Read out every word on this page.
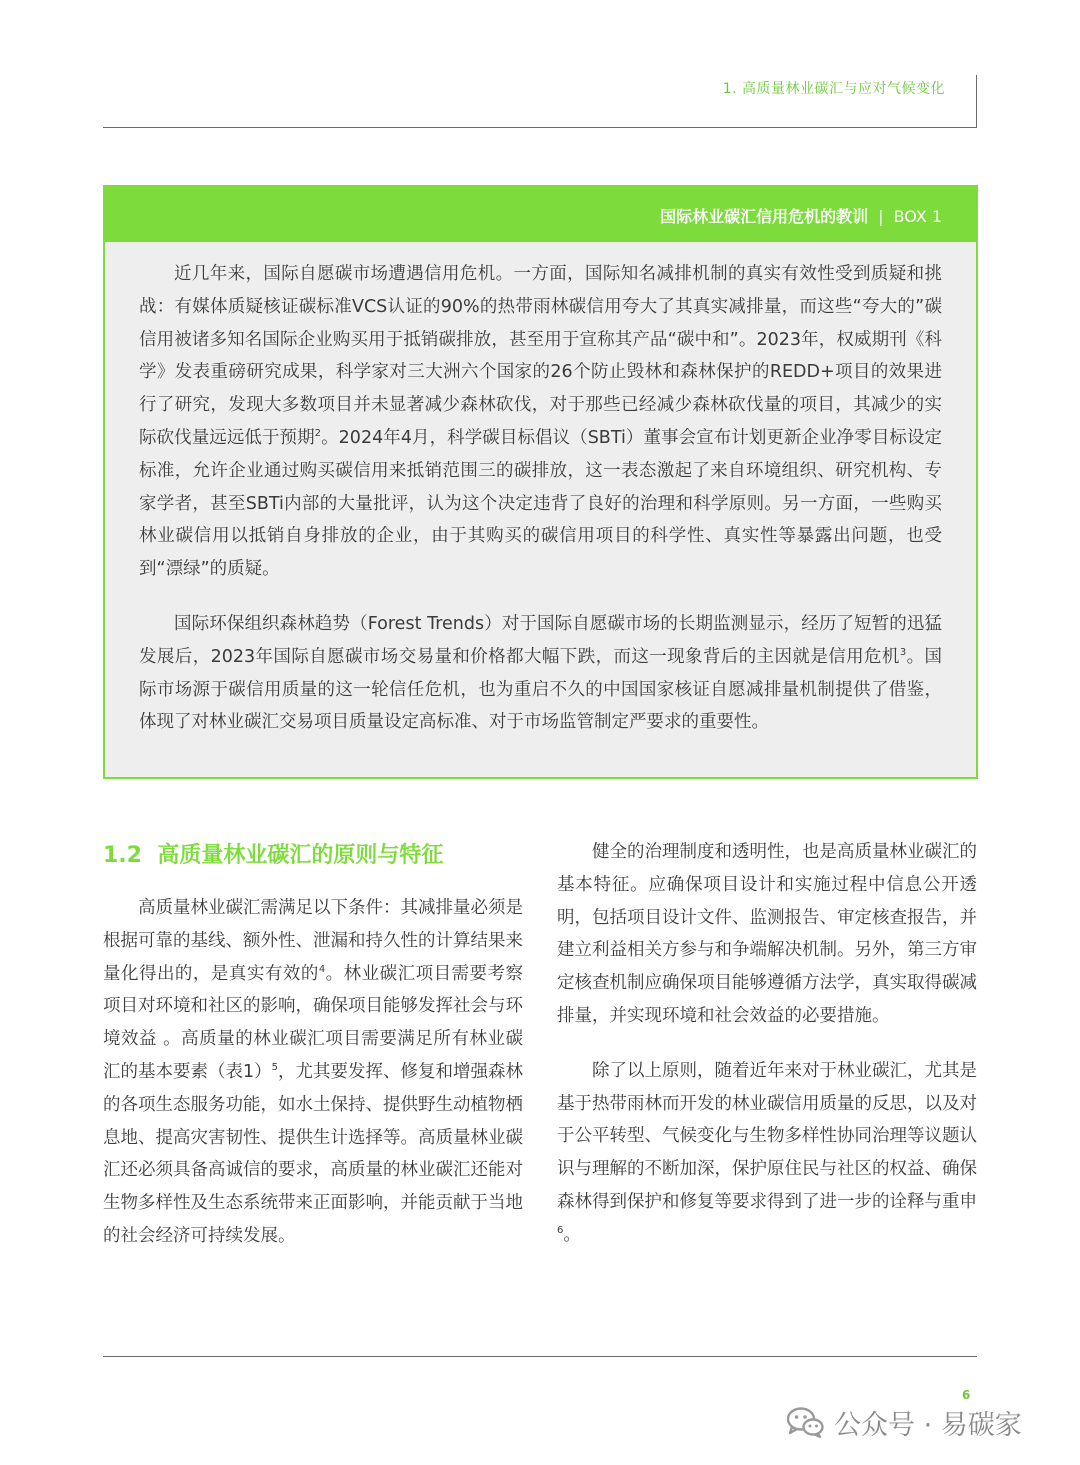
1. 高质量林业碳汇与应对气候变化
国际林业碳汇信用危机的教训 | BOX 1

近几年来，国际自愿碳市场遭遇信用危机。一方面，国际知名减排机制的真实有效性受到质疑和挑战：有媒体质疑核证碳标准VCS认证的90%的热带雨林碳信用夸大了其真实减排量，而这些“夸大的”碳信用被诸多知名国际企业购买用于抵销碳排放，甚至用于宣称其产品“碳中和”。2023年，权威期刊《科学》发表重磅研究成果，科学家对三大洲六个国家的26个防止毁林和森林保护的REDD+项目的效果进行了研究，发现大多数项目并未显著减少森林砍伐，对于那些已经减少森林砍伐量的项目，其减少的实际砍伐量远远低于预期$^2$。2024年4月，科学碳目标倡议（SBTi）董事会宣布计划更新企业净零目标设定标准，允许企业通过购买碳信用来抵销范围三的碳排放，这一表态激起了来自环境组织、研究机构、专家学者，甚至SBTi内部的大量批评，认为这个决定违背了良好的治理和科学原则。另一方面，一些购买林业碳信用以抵销自身排放的企业，由于其购买的碳信用项目的科学性、真实性等暴露出问题，也受到“漂绿”的质疑。

国际环保组织森林趋势（Forest Trends）对于国际自愿碳市场的长期监测显示，经历了短暂的迅猛发展后，2023年国际自愿碳市场交易量和价格都大幅下跌，而这一现象背后的主因就是信用危机$^3$。国际市场源于碳信用质量的这一轮信任危机，也为重启不久的中国国家核证自愿减排量机制提供了借鉴，体现了对林业碳汇交易项目质量设定高标准、对于市场监管制定严要求的重要性。

1.2 高质量林业碳汇的原则与特征

高质量林业碳汇需满足以下条件：其减排量必须是根据可靠的基线、额外性、泄漏和持久性的计算结果来量化得出的，是真实有效的$^4$。林业碳汇项目需要考察项目对环境和社区的影响，确保项目能够发挥社会与环境效益 。高质量的林业碳汇项目需要满足所有林业碳汇的基本要素（表1）$^5$，尤其要发挥、修复和增强森林的各项生态服务功能，如水土保持、提供野生动植物栖息地、提高灾害韧性、提供生计选择等。高质量林业碳汇还必须具备高诚信的要求，高质量的林业碳汇还能对生物多样性及生态系统带来正面影响，并能贡献于当地的社会经济可持续发展。

健全的治理制度和透明性，也是高质量林业碳汇的基本特征。应确保项目设计和实施过程中信息公开透明，包括项目设计文件、监测报告、审定核查报告，并建立利益相关方参与和争端解决机制。另外，第三方审定核查机制应确保项目能够遵循方法学，真实取得碳减排量，并实现环境和社会效益的必要措施。

除了以上原则，随着近年来对于林业碳汇，尤其是基于热带雨林而开发的林业碳信用质量的反思，以及对于公平转型、气候变化与生物多样性协同治理等议题认识与理解的不断加深，保护原住民与社区的权益、确保森林得到保护和修复等要求得到了进一步的诠释与重申$^6$。

6
公众号 · 易碳家
